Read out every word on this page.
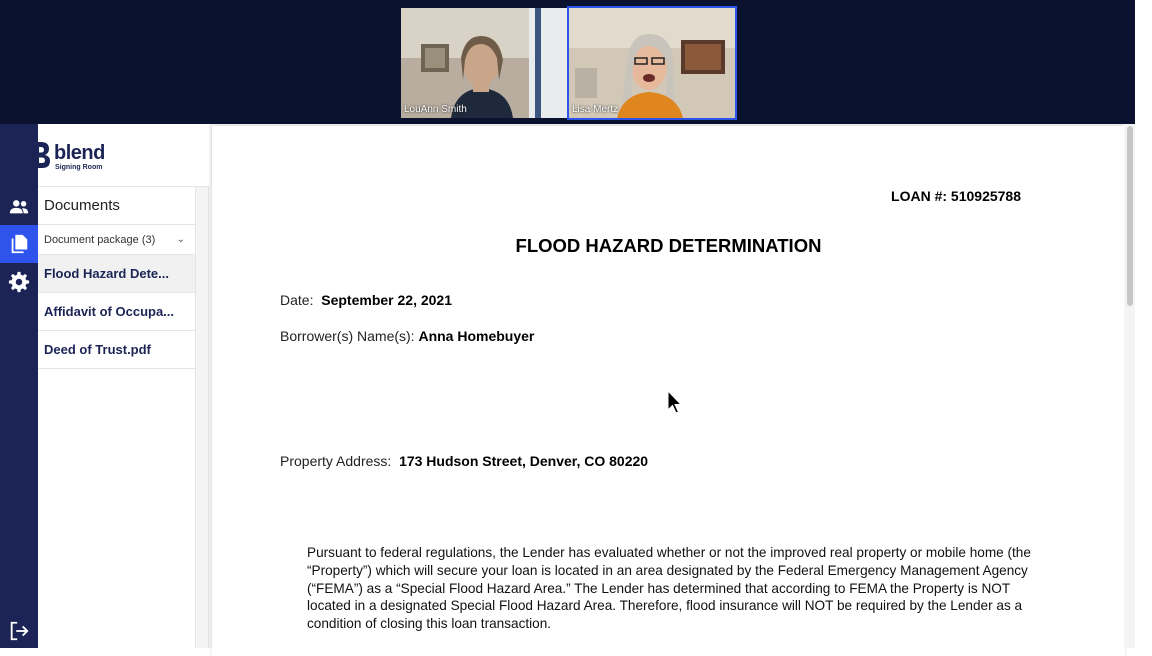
LouAnn Smith	Lisa Mertz
blend
Signing Room
Documents
Document package (3) ⌄
Flood Hazard Dete...
Affidavit of Occupa...
Deed of Trust.pdf
LOAN #: 510925788
FLOOD HAZARD DETERMINATION
Date: September 22, 2021
Borrower(s) Name(s): Anna Homebuyer
Property Address: 173 Hudson Street, Denver, CO 80220
Pursuant to federal regulations, the Lender has evaluated whether or not the improved real property or mobile home (the “Property”) which will secure your loan is located in an area designated by the Federal Emergency Management Agency (“FEMA”) as a “Special Flood Hazard Area.” The Lender has determined that according to FEMA the Property is NOT located in a designated Special Flood Hazard Area. Therefore, flood insurance will NOT be required by the Lender as a condition of closing this loan transaction.
